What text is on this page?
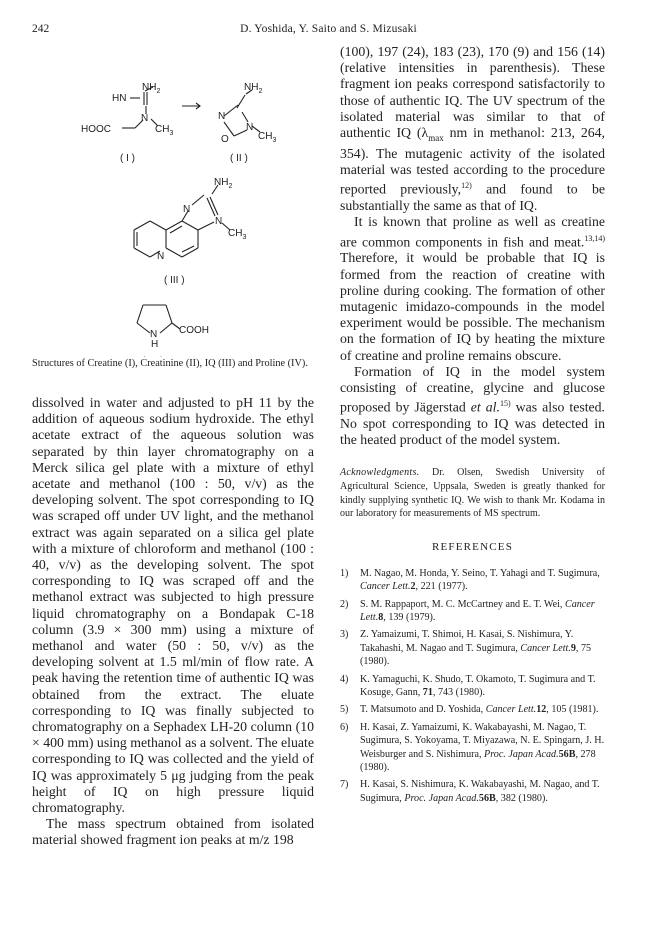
242	D. Yoshida, Y. Saito and S. Mizusaki
$NH_2$
HN
HOOC
N
$CH_3$
$NH_2$
N
N
$CH_3$
O
$NH_2$
N
N
$CH_3$
N
N
H
COOH
( I )	( II )
( III )
Structures of Creatine (I), Creatinine (II), IQ (III) and Proline (IV).

dissolved in water and adjusted to pH 11 by the addition of aqueous sodium hydroxide. The ethyl acetate extract of the aqueous solution was separated by thin layer chromatography on a Merck silica gel plate with a mixture of ethyl acetate and methanol (100 : 50, v/v) as the developing solvent. The spot corresponding to IQ was scraped off under UV light, and the methanol extract was again separated on a silica gel plate with a mixture of chloroform and methanol (100 : 40, v/v) as the developing solvent. The spot corresponding to IQ was scraped off and the methanol extract was subjected to high pressure liquid chromatography on a Bondapak C-18 column (3.9 × 300 mm) using a mixture of methanol and water (50 : 50, v/v) as the developing solvent at 1.5 ml/min of flow rate. A peak having the retention time of authentic IQ was obtained from the extract. The eluate corresponding to IQ was finally subjected to chromatography on a Sephadex LH-20 column (10 × 400 mm) using methanol as a solvent. The eluate corresponding to IQ was collected and the yield of IQ was approximately 5 μg judging from the peak height of IQ on high pressure liquid chromatography.

The mass spectrum obtained from isolated material showed fragment ion peaks at m/z 198

(100), 197 (24), 183 (23), 170 (9) and 156 (14) (relative intensities in parenthesis). These fragment ion peaks correspond satisfactorily to those of authentic IQ. The UV spectrum of the isolated material was similar to that of authentic IQ ($\lambda_{max}$ nm in methanol: 213, 264, 354). The mutagenic activity of the isolated material was tested according to the procedure reported previously,$^{12)}$ and found to be substantially the same as that of IQ.

It is known that proline as well as creatine are common components in fish and meat.$^{13,14)}$ Therefore, it would be probable that IQ is formed from the reaction of creatine with proline during cooking. The formation of other mutagenic imidazo-compounds in the model experiment would be possible. The mechanism on the formation of IQ by heating the mixture of creatine and proline remains obscure.

Formation of IQ in the model system consisting of creatine, glycine and glucose proposed by Jägerstad et al.$^{15)}$ was also tested. No spot corresponding to IQ was detected in the heated product of the model system.

Acknowledgments. Dr. Olsen, Swedish University of Agricultural Science, Uppsala, Sweden is greatly thanked for kindly supplying synthetic IQ. We wish to thank Mr. Kodama in our laboratory for measurements of MS spectrum.
REFERENCES
1) M. Nagao, M. Honda, Y. Seino, T. Yahagi and T. Sugimura, Cancer Lett.2, 221 (1977).
2) S. M. Rappaport, M. C. McCartney and E. T. Wei, Cancer Lett.8, 139 (1979).
3) Z. Yamaizumi, T. Shimoi, H. Kasai, S. Nishimura, Y. Takahashi, M. Nagao and T. Sugimura, Cancer Lett.9, 75 (1980).
4) K. Yamaguchi, K. Shudo, T. Okamoto, T. Sugimura and T. Kosuge, Gann, 71, 743 (1980).
5) T. Matsumoto and D. Yoshida, Cancer Lett.12, 105 (1981).
6) H. Kasai, Z. Yamaizumi, K. Wakabayashi, M. Nagao, T. Sugimura, S. Yokoyama, T. Miyazawa, N. E. Spingarn, J. H. Weisburger and S. Nishimura, Proc. Japan Acad.56B, 278 (1980).
7) H. Kasai, S. Nishimura, K. Wakabayashi, M. Nagao, and T. Sugimura, Proc. Japan Acad.56B, 382 (1980).
